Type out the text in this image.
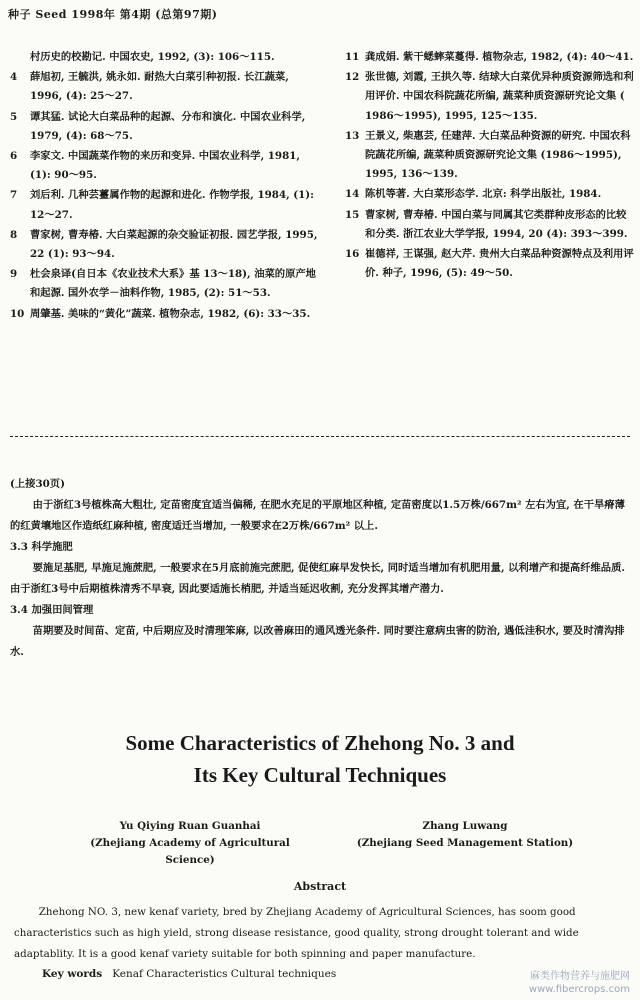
种子 Seed 1998年 第4期 (总第97期)
村历史的校勘记. 中国农史, 1992, (3): 106～115.
4	薛旭初, 王毓洪, 姚永如. 耐热大白菜引种初报. 长江蔬菜, 1996, (4): 25～27.
5	谭其猛. 试论大白菜品种的起源、分布和演化. 中国农业科学, 1979, (4): 68～75.
6	李家文. 中国蔬菜作物的来历和变异. 中国农业科学, 1981, (1): 90～95.
7	刘后利. 几种芸薹属作物的起源和进化. 作物学报, 1984, (1): 12～27.
8	曹家树, 曹寿椿. 大白菜起源的杂交验证初报. 园艺学报, 1995, 22 (1): 93～94.
9	杜会泉译(自日本《农业技术大系》基 13～18), 油菜的原产地和起源. 国外农学－油料作物, 1985, (2): 51～53.
10 周肇基. 美味的“黄化”蔬菜. 植物杂志, 1982, (6): 33～35.
11 龚成娟. 紫干蟋蟀菜蔓得. 植物杂志, 1982, (4): 40～41.
12 张世德, 刘霞, 王拱久等. 结球大白菜优异种质资源筛选和利用评价. 中国农科院蔬花所编, 蔬菜种质资源研究论文集 ( 1986～1995), 1995, 125～135.
13 王景义, 柴惠芸, 任建萍. 大白菜品种资源的研究. 中国农科院蔬花所编, 蔬菜种质资源研究论文集 (1986～1995), 1995, 136～139.
14 陈机等著. 大白菜形态学. 北京: 科学出版社, 1984.
15 曹家树, 曹寿椿. 中国白菜与同属其它类群种皮形态的比较和分类. 浙江农业大学学报, 1994, 20 (4): 393～399.
16 崔德祥, 王谋强, 赵大芹. 贵州大白菜品种资源特点及利用评价. 种子, 1996, (5): 49～50.

(上接30页)

由于浙红3号植株高大粗壮, 定苗密度宜适当偏稀, 在肥水充足的平原地区种植, 定苗密度以1.5万株/667m² 左右为宜, 在干旱瘠薄的红黄壤地区作造纸红麻种植, 密度适迁当增加, 一般要求在2万株/667m² 以上.

3.3 科学施肥

要施足基肥, 早施足施蔗肥, 一般要求在5月底前施完蔗肥, 促使红麻早发快长, 同时适当增加有机肥用量, 以利增产和提高纤维品质. 由于浙红3号中后期植株清秀不早衰, 因此要适施长梢肥, 并适当延迟收割, 充分发挥其增产潜力.

3.4 加强田间管理

苗期要及时间苗、定苗, 中后期应及时清理笨麻, 以改善麻田的通风透光条件. 同时要注意病虫害的防治, 遇低洼积水, 要及时清沟排水.

Some Characteristics of Zhehong No. 3 and
Its Key Cultural Techniques
Yu Qiying Ruan Guanhai
(Zhejiang Academy of Agricultural Science)
Zhang Luwang
(Zhejiang Seed Management Station)
Abstract

Zhehong NO. 3, new kenaf variety, bred by Zhejiang Academy of Agricultural Sciences, has soom good characteristics such as high yield, strong disease resistance, good quality, strong drought tolerant and wide adaptablity. It is a good kenaf variety suitable for both spinning and paper manufacture.

Key words Kenaf Characteristics Cultural techniques	麻类作物营养与施肥网
www.fibercrops.com
